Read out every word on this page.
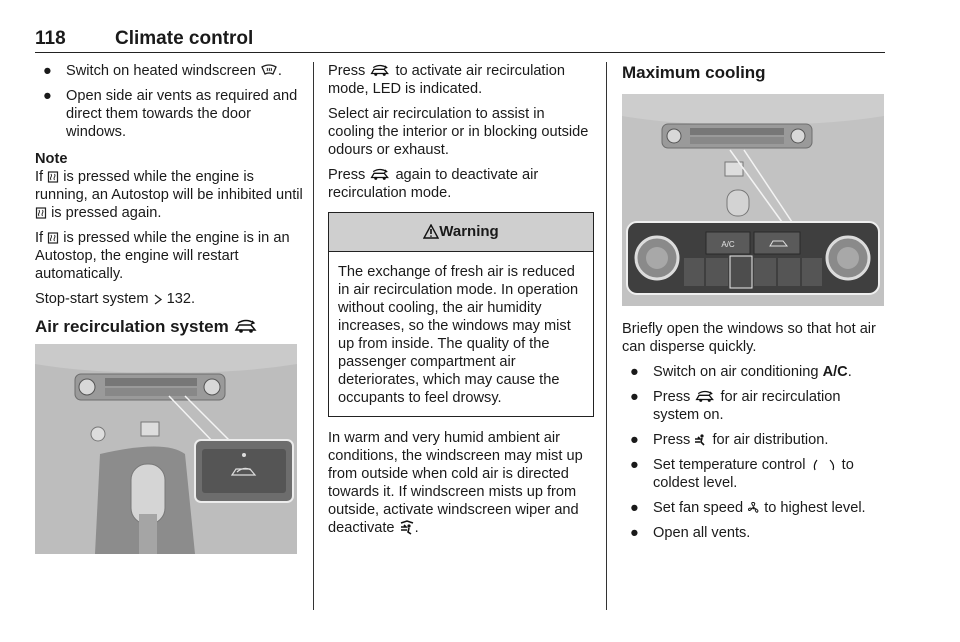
118	Climate control
● Switch on heated windscreen .
● Open side air vents as required and direct them towards the door windows.
Note
If is pressed while the engine is running, an Autostop will be inhibited until  is pressed again.
If is pressed while the engine is in an Autostop, the engine will restart automatically.
Stop-start system 132.
Air recirculation system
Press to activate air recirculation mode, LED is indicated.
Select air recirculation to assist in cooling the interior or in blocking outside odours or exhaust.
Press again to deactivate air recirculation mode.
Warning
The exchange of fresh air is reduced in air recirculation mode. In operation without cooling, the air humidity increases, so the windows may mist up from inside. The quality of the passenger compartment air deteriorates, which may cause the occupants to feel drowsy.
In warm and very humid ambient air conditions, the windscreen may mist up from outside when cold air is directed towards it. If windscreen mists up from outside, activate windscreen wiper and deactivate .
Maximum cooling
A/C
Briefly open the windows so that hot air can disperse quickly.
● Switch on air conditioning A/C.
● Press for air recirculation system on.
● Press for air distribution.
● Set temperature control to coldest level.
● Set fan speed to highest level.
● Open all vents.
